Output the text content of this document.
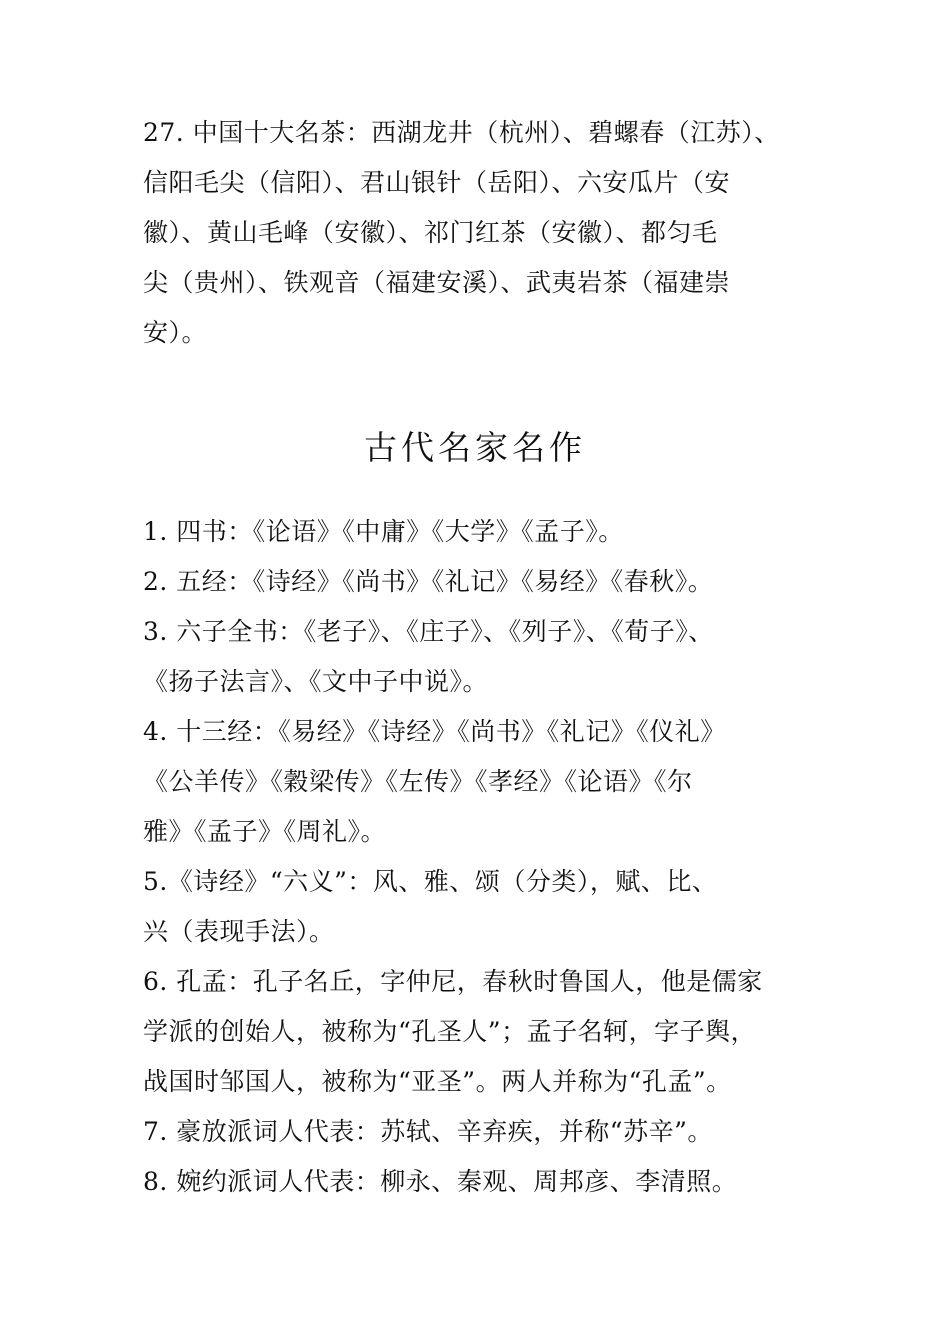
27. 中国十大名茶：西湖龙井（杭州）、碧螺春（江苏）、
信阳毛尖（信阳）、君山银针（岳阳）、六安瓜片（安
徽）、黄山毛峰（安徽）、祁门红茶（安徽）、都匀毛
尖（贵州）、铁观音（福建安溪）、武夷岩茶（福建崇
安）。
古代名家名作
1. 四书：《论语》《中庸》《大学》《孟子》。
2. 五经：《诗经》《尚书》《礼记》《易经》《春秋》。
3. 六子全书：《老子》、《庄子》、《列子》、《荀子》、
《扬子法言》、《文中子中说》。
4. 十三经：《易经》《诗经》《尚书》《礼记》《仪礼》
《公羊传》《穀梁传》《左传》《孝经》《论语》《尔
雅》《孟子》《周礼》。
5.《诗经》“六义”：风、雅、颂（分类），赋、比、
兴（表现手法）。
6. 孔孟：孔子名丘，字仲尼，春秋时鲁国人，他是儒家
学派的创始人，被称为“孔圣人”；孟子名轲，字子舆，
战国时邹国人，被称为“亚圣”。两人并称为“孔孟”。
7. 豪放派词人代表：苏轼、辛弃疾，并称“苏辛”。
8. 婉约派词人代表：柳永、秦观、周邦彦、李清照。
